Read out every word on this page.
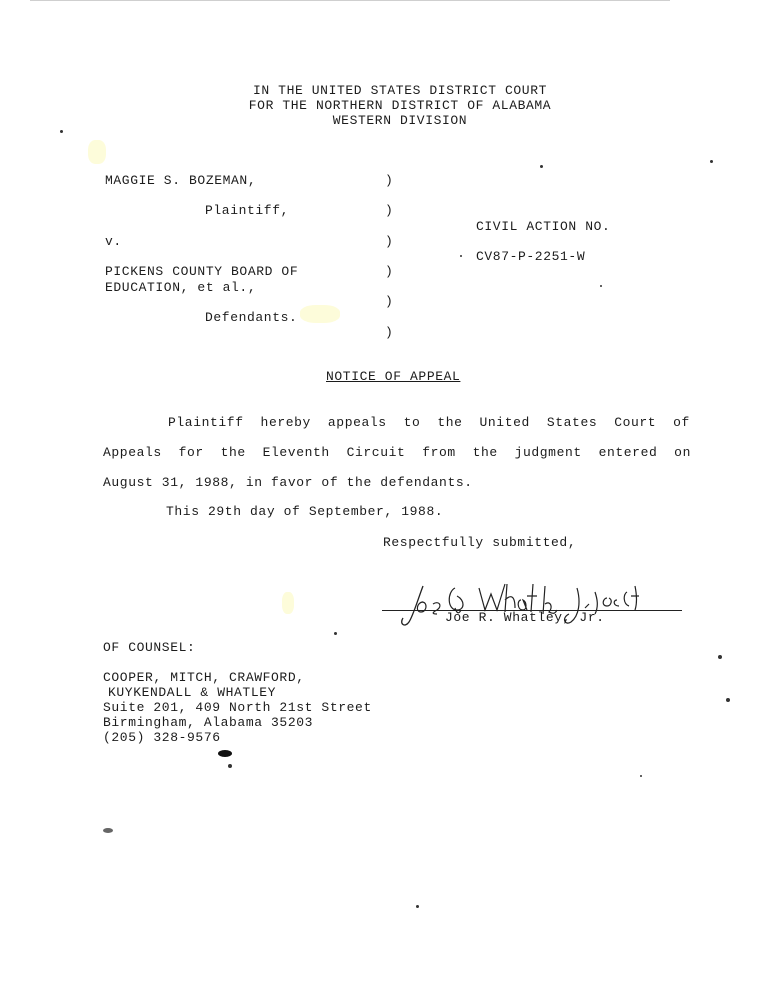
IN THE UNITED STATES DISTRICT COURT
FOR THE NORTHERN DISTRICT OF ALABAMA
WESTERN DIVISION
MAGGIE S. BOZEMAN,
Plaintiff,
v.
PICKENS COUNTY BOARD OF
EDUCATION, et al.,
Defendants.
)
)
)
)
)
)
CIVIL ACTION NO.
CV87-P-2251-W
NOTICE OF APPEAL
Plaintiff hereby appeals to the United States Court of
Appeals for the Eleventh Circuit from the judgment entered on
August 31, 1988, in favor of the defendants.
This 29th day of September, 1988.
Respectfully submitted,
Joe R. Whatley, Jr.
OF COUNSEL:
COOPER, MITCH, CRAWFORD,
KUYKENDALL & WHATLEY
Suite 201, 409 North 21st Street
Birmingham, Alabama 35203
(205) 328-9576
